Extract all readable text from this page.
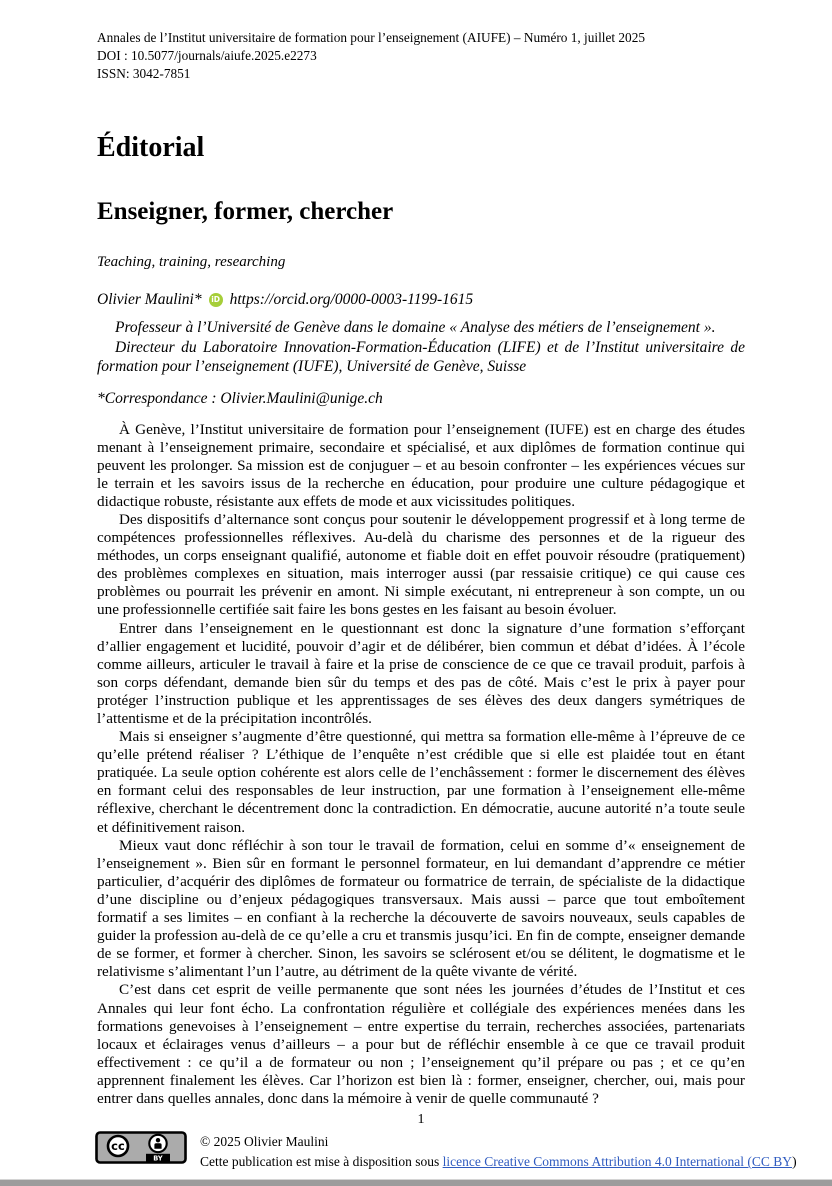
Annales de l’Institut universitaire de formation pour l’enseignement (AIUFE) – Numéro 1, juillet 2025
DOI : 10.5077/journals/aiufe.2025.e2273
ISSN: 3042-7851
Éditorial
Enseigner, former, chercher

Teaching, training, researching

Olivier Maulini*	iD https://orcid.org/0000-0003-1199-1615

Professeur à l’Université de Genève dans le domaine « Analyse des métiers de l’enseignement ».

Directeur du Laboratoire Innovation-Formation-Éducation (LIFE) et de l’Institut universitaire de formation pour l’enseignement (IUFE), Université de Genève, Suisse

*Correspondance : Olivier.Maulini@unige.ch

À Genève, l’Institut universitaire de formation pour l’enseignement (IUFE) est en charge des études menant à l’enseignement primaire, secondaire et spécialisé, et aux diplômes de formation continue qui peuvent les prolonger. Sa mission est de conjuguer – et au besoin confronter – les expériences vécues sur le terrain et les savoirs issus de la recherche en éducation, pour produire une culture pédagogique et didactique robuste, résistante aux effets de mode et aux vicissitudes politiques.

Des dispositifs d’alternance sont conçus pour soutenir le développement progressif et à long terme de compétences professionnelles réflexives. Au-delà du charisme des personnes et de la rigueur des méthodes, un corps enseignant qualifié, autonome et fiable doit en effet pouvoir résoudre (pratiquement) des problèmes complexes en situation, mais interroger aussi (par ressaisie critique) ce qui cause ces problèmes ou pourrait les prévenir en amont. Ni simple exécutant, ni entrepreneur à son compte, un ou une professionnelle certifiée sait faire les bons gestes en les faisant au besoin évoluer.

Entrer dans l’enseignement en le questionnant est donc la signature d’une formation s’efforçant d’allier engagement et lucidité, pouvoir d’agir et de délibérer, bien commun et débat d’idées. À l’école comme ailleurs, articuler le travail à faire et la prise de conscience de ce que ce travail produit, parfois à son corps défendant, demande bien sûr du temps et des pas de côté. Mais c’est le prix à payer pour protéger l’instruction publique et les apprentissages de ses élèves des deux dangers symétriques de l’attentisme et de la précipitation incontrôlés.

Mais si enseigner s’augmente d’être questionné, qui mettra sa formation elle-même à l’épreuve de ce qu’elle prétend réaliser ? L’éthique de l’enquête n’est crédible que si elle est plaidée tout en étant pratiquée. La seule option cohérente est alors celle de l’enchâssement : former le discernement des élèves en formant celui des responsables de leur instruction, par une formation à l’enseignement elle-même réflexive, cherchant le décentrement donc la contradiction. En démocratie, aucune autorité n’a toute seule et définitivement raison.

Mieux vaut donc réfléchir à son tour le travail de formation, celui en somme d’« enseignement de l’enseignement ». Bien sûr en formant le personnel formateur, en lui demandant d’apprendre ce métier particulier, d’acquérir des diplômes de formateur ou formatrice de terrain, de spécialiste de la didactique d’une discipline ou d’enjeux pédagogiques transversaux. Mais aussi – parce que tout emboîtement formatif a ses limites – en confiant à la recherche la découverte de savoirs nouveaux, seuls capables de guider la profession au-delà de ce qu’elle a cru et transmis jusqu’ici. En fin de compte, enseigner demande de se former, et former à chercher. Sinon, les savoirs se sclérosent et/ou se délitent, le dogmatisme et le relativisme s’alimentant l’un l’autre, au détriment de la quête vivante de vérité.

C’est dans cet esprit de veille permanente que sont nées les journées d’études de l’Institut et ces Annales qui leur font écho. La confrontation régulière et collégiale des expériences menées dans les formations genevoises à l’enseignement – entre expertise du terrain, recherches associées, partenariats locaux et éclairages venus d’ailleurs – a pour but de réfléchir ensemble à ce que ce travail produit effectivement : ce qu’il a de formateur ou non ; l’enseignement qu’il prépare ou pas ; et ce qu’en apprennent finalement les élèves. Car l’horizon est bien là : former, enseigner, chercher, oui, mais pour entrer dans quelles annales, donc dans la mémoire à venir de quelle communauté ?

1
cc
BY
© 2025 Olivier Maulini
Cette publication est mise à disposition sous licence Creative Commons Attribution 4.0 International (CC BY)
